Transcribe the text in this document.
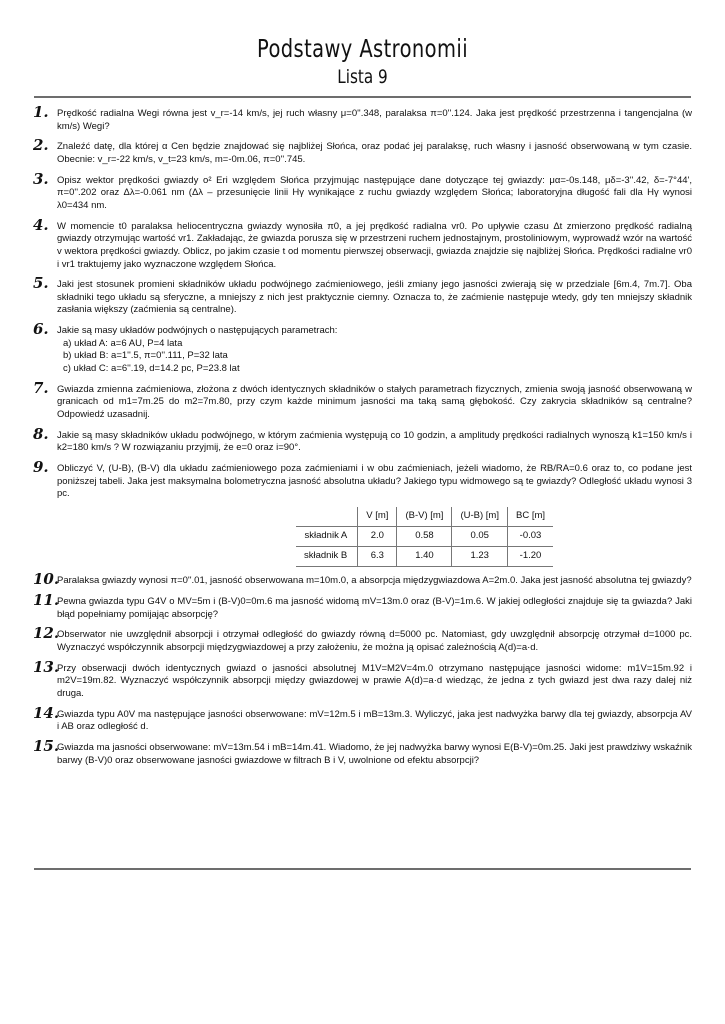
Podstawy Astronomii
Lista 9
1. Prędkość radialna Wegi równa jest v_r=-14 km/s, jej ruch własny μ=0''.348, paralaksa π=0''.124. Jaka jest prędkość przestrzenna i tangencjalna (w km/s) Wegi?
2. Znaleźć datę, dla której α Cen będzie znajdować się najbliżej Słońca, oraz podać jej paralaksę, ruch własny i jasność obserwowaną w tym czasie. Obecnie: v_r=-22 km/s, v_t=23 km/s, m=-0m.06, π=0''.745.
3. Opisz wektor prędkości gwiazdy o² Eri względem Słońca przyjmując następujące dane dotyczące tej gwiazdy: μα=-0s.148, μδ=-3''.42, δ=-7°44', π=0''.202 oraz Δλ=-0.061 nm (Δλ – przesunięcie linii Hγ wynikające z ruchu gwiazdy względem Słońca; laboratoryjna długość fali dla Hγ wynosi λ0=434 nm.
4. W momencie t0 paralaksa heliocentryczna gwiazdy wynosiła π0, a jej prędkość radialna vr0. Po upływie czasu Δt zmierzono prędkość radialną gwiazdy otrzymując wartość vr1. Zakładając, że gwiazda porusza się w przestrzeni ruchem jednostajnym, prostoliniowym, wyprowadź wzór na wartość v wektora prędkości gwiazdy. Oblicz, po jakim czasie t od momentu pierwszej obserwacji, gwiazda znajdzie się najbliżej Słońca. Prędkości radialne vr0 i vr1 traktujemy jako wyznaczone względem Słońca.
5. Jaki jest stosunek promieni składników układu podwójnego zaćmieniowego, jeśli zmiany jego jasności zwierają się w przedziale [6m.4, 7m.7]. Oba składniki tego układu są sferyczne, a mniejszy z nich jest praktycznie ciemny. Oznacza to, że zaćmienie następuje wtedy, gdy ten mniejszy składnik zasłania większy (zaćmienia są centralne).
6. Jakie są masy układów podwójnych o następujących parametrach:
a) układ A: a=6 AU, P=4 lata
b) układ B: a=1''.5, π=0''.111, P=32 lata
c) układ C: a=6''.19, d=14.2 pc, P=23.8 lat
7. Gwiazda zmienna zaćmieniowa, złożona z dwóch identycznych składników o stałych parametrach fizycznych, zmienia swoją jasność obserwowaną w granicach od m1=7m.25 do m2=7m.80, przy czym każde minimum jasności ma taką samą głębokość. Czy zakrycia składników są centralne? Odpowiedź uzasadnij.
8. Jakie są masy składników układu podwójnego, w którym zaćmienia występują co 10 godzin, a amplitudy prędkości radialnych wynoszą k1=150 km/s i k2=180 km/s ? W rozwiązaniu przyjmij, że e=0 oraz i=90°.
9. Obliczyć V, (U-B), (B-V) dla układu zaćmieniowego poza zaćmieniami i w obu zaćmieniach, jeżeli wiadomo, że RB/RA=0.6 oraz to, co podane jest poniższej tabeli. Jaka jest maksymalna bolometryczna jasność absolutna układu? Jakiego typu widmowego są te gwiazdy? Odległość układu wynosi 3 pc.
	V [m]	(B-V) [m]	(U-B) [m]	BC [m]
składnik A	2.0	0.58	0.05	-0.03
składnik B	6.3	1.40	1.23	-1.20
10.
Paralaksa gwiazdy wynosi π=0''.01, jasność obserwowana m=10m.0, a absorpcja międzygwiazdowa A=2m.0. Jaka jest jasność absolutna tej gwiazdy?
11.
Pewna gwiazda typu G4V o MV=5m i (B-V)0=0m.6 ma jasność widomą mV=13m.0 oraz (B-V)=1m.6. W jakiej odległości znajduje się ta gwiazda? Jaki błąd popełniamy pomijając absorpcję?
12.
Obserwator nie uwzględnił absorpcji i otrzymał odległość do gwiazdy równą d=5000 pc. Natomiast, gdy uwzględnił absorpcję otrzymał d=1000 pc. Wyznaczyć współczynnik absorpcji międzygwiazdowej a przy założeniu, że można ją opisać zależnością A(d)=a·d.
13.
Przy obserwacji dwóch identycznych gwiazd o jasności absolutnej M1V=M2V=4m.0 otrzymano następujące jasności widome: m1V=15m.92 i m2V=19m.82. Wyznaczyć współczynnik absorpcji między gwiazdowej w prawie A(d)=a·d wiedząc, że jedna z tych gwiazd jest dwa razy dalej niż druga.
14.
Gwiazda typu A0V ma następujące jasności obserwowane: mV=12m.5 i mB=13m.3. Wyliczyć, jaka jest nadwyżka barwy dla tej gwiazdy, absorpcja AV i AB oraz odległość d.
15.
Gwiazda ma jasności obserwowane: mV=13m.54 i mB=14m.41. Wiadomo, że jej nadwyżka barwy wynosi E(B-V)=0m.25. Jaki jest prawdziwy wskaźnik barwy (B-V)0 oraz obserwowane jasności gwiazdowe w filtrach B i V, uwolnione od efektu absorpcji?
